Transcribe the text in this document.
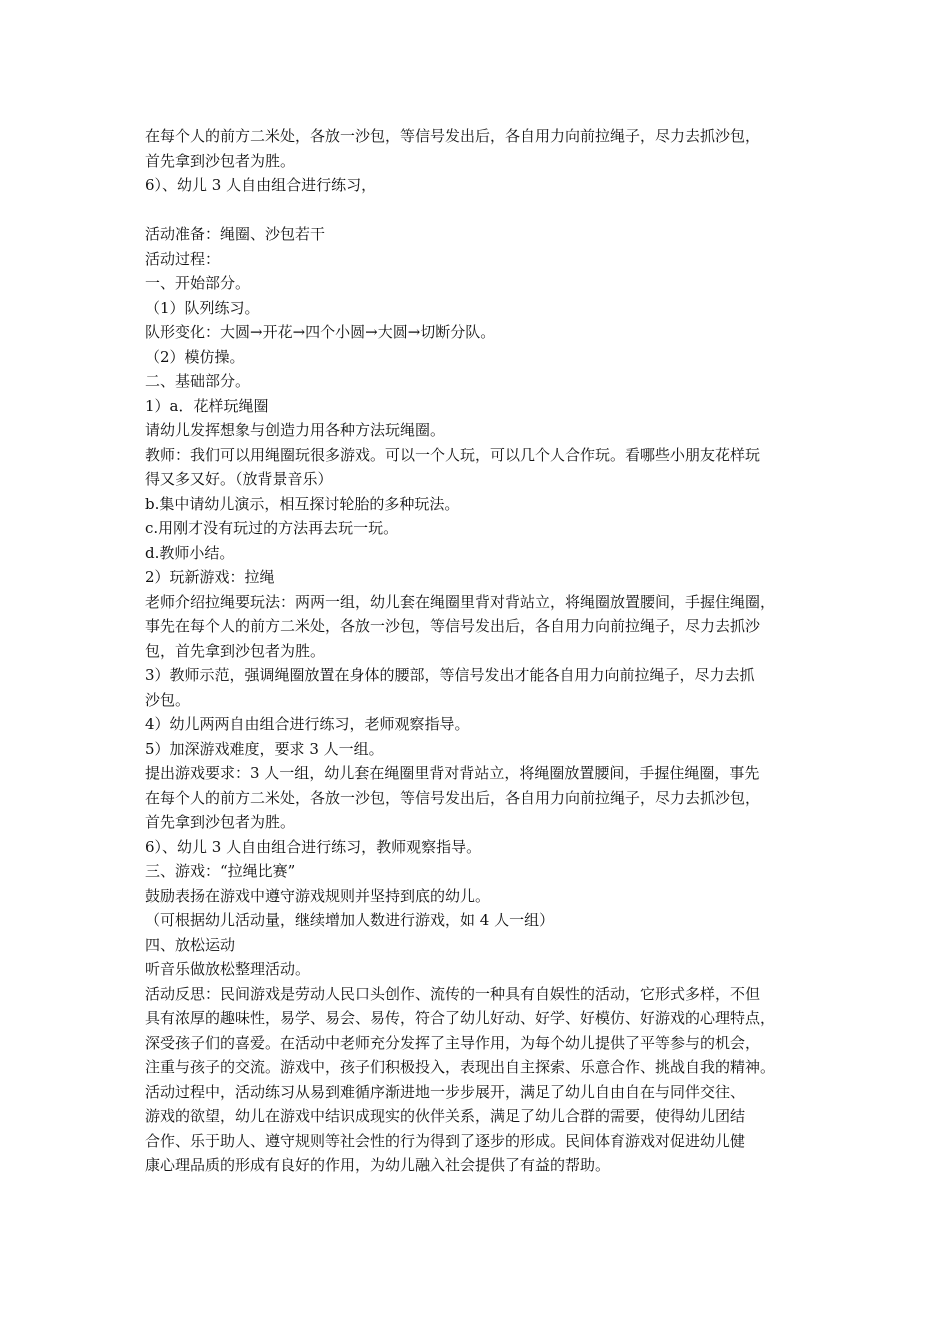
在每个人的前方二米处，各放一沙包，等信号发出后，各自用力向前拉绳子，尽力去抓沙包，
首先拿到沙包者为胜。
6）、幼儿 3 人自由组合进行练习，
活动准备：绳圈、沙包若干
活动过程：
一、开始部分。
（1）队列练习。
队形变化：大圆→开花→四个小圆→大圆→切断分队。
（2）模仿操。
二、基础部分。
1）a．花样玩绳圈
请幼儿发挥想象与创造力用各种方法玩绳圈。
教师：我们可以用绳圈玩很多游戏。可以一个人玩，可以几个人合作玩。看哪些小朋友花样玩
得又多又好。（放背景音乐）
b.集中请幼儿演示，相互探讨轮胎的多种玩法。
c.用刚才没有玩过的方法再去玩一玩。
d.教师小结。
2）玩新游戏：拉绳
老师介绍拉绳要玩法：两两一组，幼儿套在绳圈里背对背站立，将绳圈放置腰间，手握住绳圈，
事先在每个人的前方二米处，各放一沙包，等信号发出后，各自用力向前拉绳子，尽力去抓沙
包，首先拿到沙包者为胜。
3）教师示范，强调绳圈放置在身体的腰部，等信号发出才能各自用力向前拉绳子，尽力去抓
沙包。
4）幼儿两两自由组合进行练习，老师观察指导。
5）加深游戏难度，要求 3 人一组。
提出游戏要求：3 人一组，幼儿套在绳圈里背对背站立，将绳圈放置腰间，手握住绳圈，事先
在每个人的前方二米处，各放一沙包，等信号发出后，各自用力向前拉绳子，尽力去抓沙包，
首先拿到沙包者为胜。
6）、幼儿 3 人自由组合进行练习，教师观察指导。
三、游戏：“拉绳比赛”
鼓励表扬在游戏中遵守游戏规则并坚持到底的幼儿。
（可根据幼儿活动量，继续增加人数进行游戏，如 4 人一组）
四、放松运动
听音乐做放松整理活动。
活动反思：民间游戏是劳动人民口头创作、流传的一种具有自娱性的活动，它形式多样，不但
具有浓厚的趣味性，易学、易会、易传，符合了幼儿好动、好学、好模仿、好游戏的心理特点，
深受孩子们的喜爱。在活动中老师充分发挥了主导作用，为每个幼儿提供了平等参与的机会，
注重与孩子的交流。游戏中，孩子们积极投入，表现出自主探索、乐意合作、挑战自我的精神。
活动过程中，活动练习从易到难循序渐进地一步步展开，满足了幼儿自由自在与同伴交往、
游戏的欲望，幼儿在游戏中结识成现实的伙伴关系，满足了幼儿合群的需要，使得幼儿团结
合作、乐于助人、遵守规则等社会性的行为得到了逐步的形成。民间体育游戏对促进幼儿健
康心理品质的形成有良好的作用，为幼儿融入社会提供了有益的帮助。
